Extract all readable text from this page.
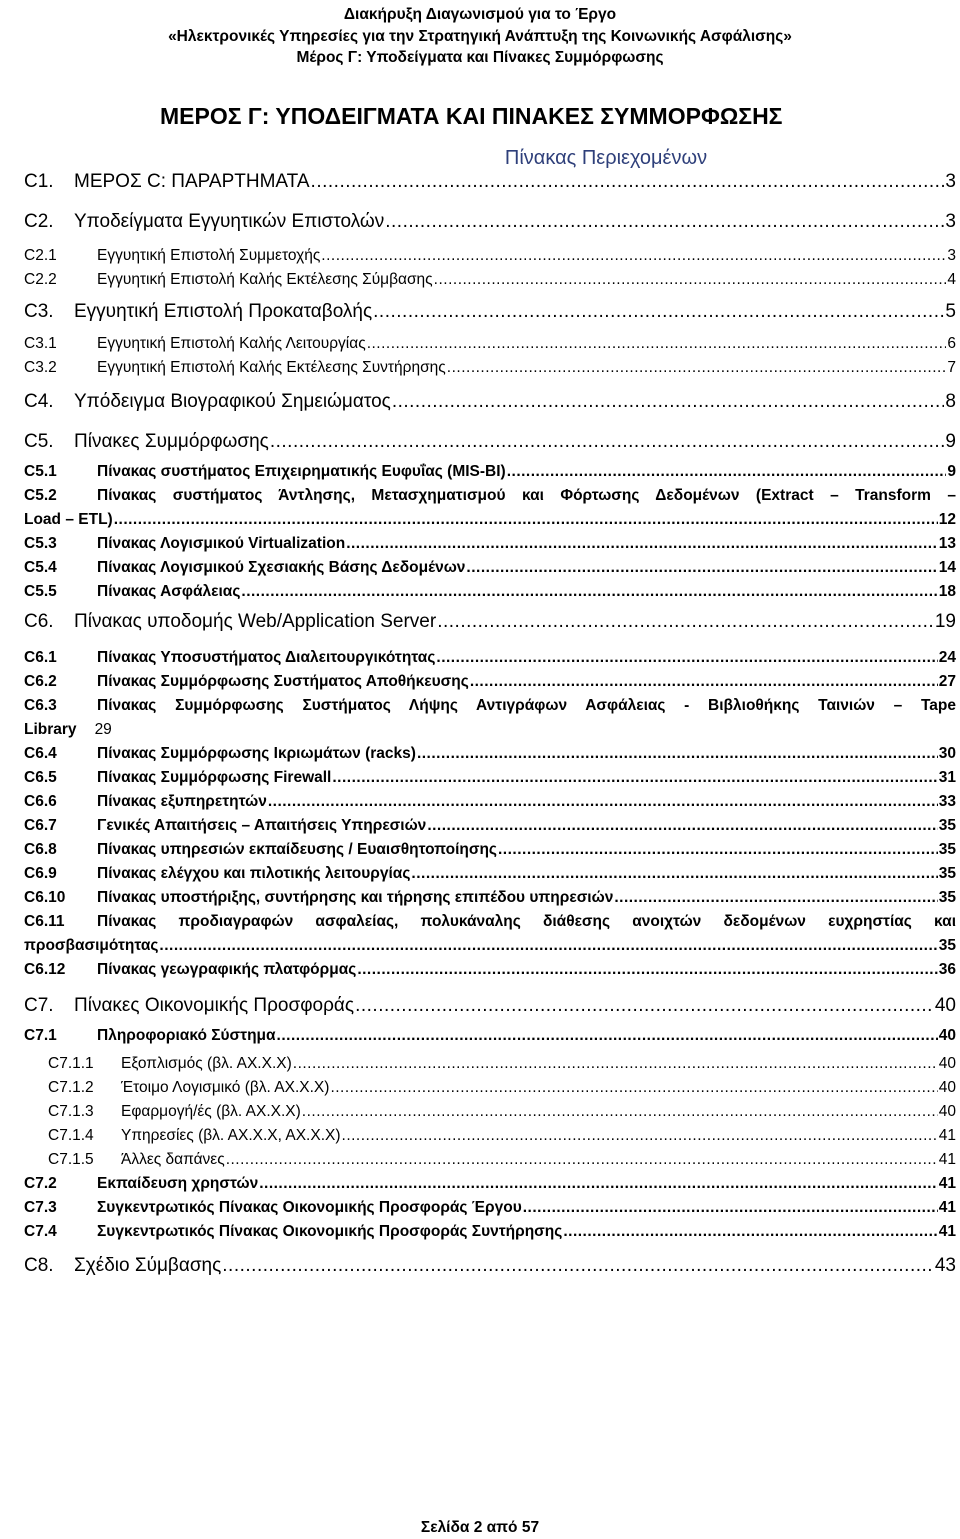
Διακήρυξη Διαγωνισμού για το Έργο
«Ηλεκτρονικές Υπηρεσίες για την Στρατηγική Ανάπτυξη της Κοινωνικής Ασφάλισης»
Μέρος Γ: Υποδείγματα και Πίνακες Συμμόρφωσης
ΜΕΡΟΣ Γ: ΥΠΟΔΕΙΓΜΑΤΑ ΚΑΙ ΠΙΝΑΚΕΣ ΣΥΜΜΟΡΦΩΣΗΣ
Πίνακας Περιεχομένων
C1.	ΜΕΡΟΣ C: ΠΑΡΑΡΤΗΜΑΤΑ .....	3
C2.	Υποδείγματα Εγγυητικών Επιστολών .....	3
C2.1	Εγγυητική Επιστολή Συμμετοχής .....	3
C2.2	Εγγυητική Επιστολή Καλής Εκτέλεσης Σύμβασης .....	4
C3.	Εγγυητική Επιστολή Προκαταβολής .....	5
C3.1	Εγγυητική Επιστολή Καλής Λειτουργίας .....	6
C3.2	Εγγυητική Επιστολή Καλής Εκτέλεσης Συντήρησης .....	7
C4.	Υπόδειγμα Βιογραφικού Σημειώματος .....	8
C5.	Πίνακες Συμμόρφωσης .....	9
C5.1	Πίνακας συστήματος Επιχειρηματικής Ευφυΐας (MIS-BI) .....	9
C5.2	Πίνακας συστήματος Άντλησης, Μετασχηματισμού και Φόρτωσης Δεδομένων (Extract – Transform –
Load – ETL) .....	12
C5.3	Πίνακας Λογισμικού Virtualization .....	13
C5.4	Πίνακας Λογισμικού Σχεσιακής Βάσης Δεδομένων .....	14
C5.5	Πίνακας Ασφάλειας .....	18
C6.	Πίνακας υποδομής Web/Application Server .....	19
C6.1	Πίνακας Υποσυστήματος Διαλειτουργικότητας .....	24
C6.2	Πίνακας Συμμόρφωσης Συστήματος Αποθήκευσης .....	27
C6.3	Πίνακας Συμμόρφωσης Συστήματος Λήψης Αντιγράφων Ασφάλειας - Βιβλιοθήκης Ταινιών – Tape
Library 29
C6.4	Πίνακας Συμμόρφωσης Ικριωμάτων (racks) .....	30
C6.5	Πίνακας Συμμόρφωσης Firewall .....	31
C6.6	Πίνακας εξυπηρετητών .....	33
C6.7	Γενικές Απαιτήσεις – Απαιτήσεις Υπηρεσιών .....	35
C6.8	Πίνακας υπηρεσιών εκπαίδευσης / Ευαισθητοποίησης .....	35
C6.9	Πίνακας ελέγχου και πιλοτικής λειτουργίας .....	35
C6.10	Πίνακας υποστήριξης, συντήρησης και τήρησης επιπέδου υπηρεσιών .....	35
C6.11	Πίνακας προδιαγραφών ασφαλείας, πολυκάναλης διάθεσης ανοιχτών δεδομένων ευχρηστίας και
προσβασιμότητας .....	35
C6.12	Πίνακας γεωγραφικής πλατφόρμας .....	36
C7.	Πίνακες Οικονομικής Προσφοράς .....	40
C7.1	Πληροφοριακό Σύστημα .....	40
C7.1.1	Εξοπλισμός (βλ. ΑΧ.Χ.Χ) .....	40
C7.1.2	Έτοιμο Λογισμικό (βλ. ΑΧ.Χ.Χ) .....	40
C7.1.3	Εφαρμογή/ές (βλ. ΑΧ.Χ.Χ) .....	40
C7.1.4	Υπηρεσίες (βλ. ΑΧ.Χ.Χ, ΑΧ.Χ.Χ) .....	41
C7.1.5	Άλλες δαπάνες .....	41
C7.2	Εκπαίδευση χρηστών .....	41
C7.3	Συγκεντρωτικός Πίνακας Οικονομικής Προσφοράς Έργου .....	41
C7.4	Συγκεντρωτικός Πίνακας Οικονομικής Προσφοράς Συντήρησης .....	41
C8.	Σχέδιο Σύμβασης .....	43
Σελίδα 2 από 57
